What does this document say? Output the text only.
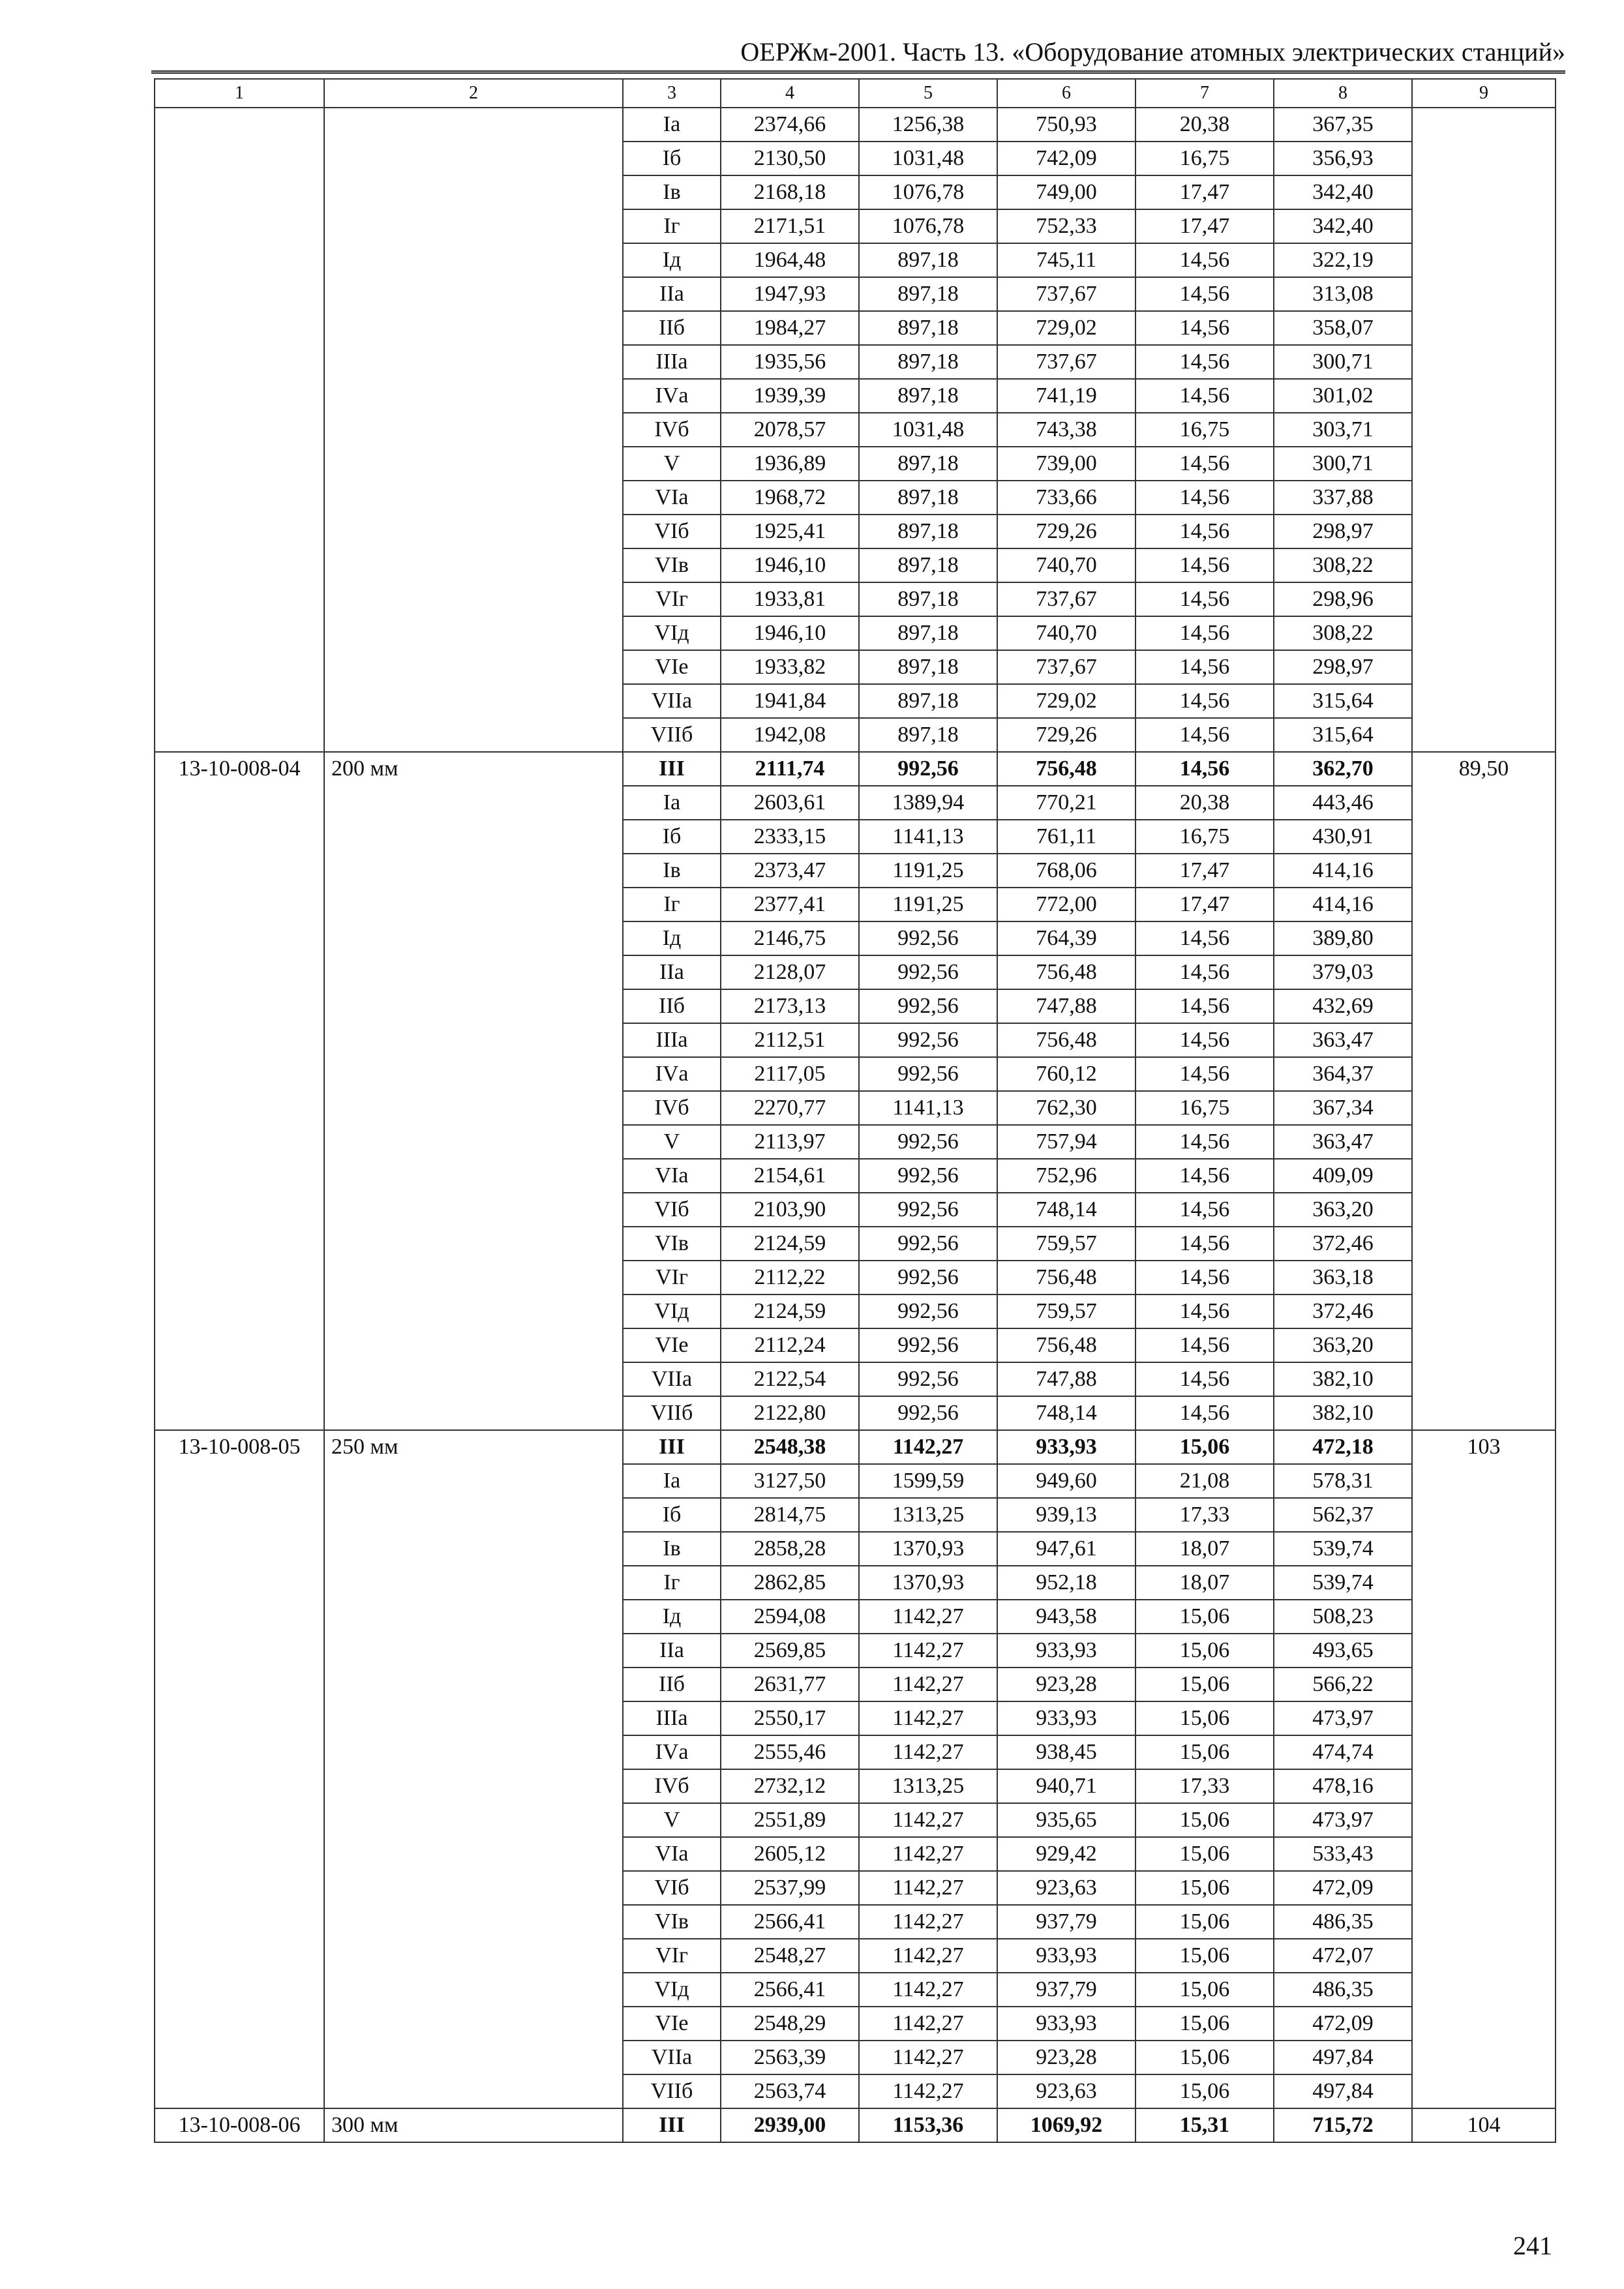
ОЕРЖм-2001. Часть 13. «Оборудование атомных электрических станций»
1	2	3	4	5	6	7	8	9
		Iа	2374,66	1256,38	750,93	20,38	367,35	
		Iб	2130,50	1031,48	742,09	16,75	356,93	
		Iв	2168,18	1076,78	749,00	17,47	342,40	
		Iг	2171,51	1076,78	752,33	17,47	342,40	
		Iд	1964,48	897,18	745,11	14,56	322,19	
		IIа	1947,93	897,18	737,67	14,56	313,08	
		IIб	1984,27	897,18	729,02	14,56	358,07	
		IIIа	1935,56	897,18	737,67	14,56	300,71	
		IVа	1939,39	897,18	741,19	14,56	301,02	
		IVб	2078,57	1031,48	743,38	16,75	303,71	
		V	1936,89	897,18	739,00	14,56	300,71	
		VIа	1968,72	897,18	733,66	14,56	337,88	
		VIб	1925,41	897,18	729,26	14,56	298,97	
		VIв	1946,10	897,18	740,70	14,56	308,22	
		VIг	1933,81	897,18	737,67	14,56	298,96	
		VIд	1946,10	897,18	740,70	14,56	308,22	
		VIе	1933,82	897,18	737,67	14,56	298,97	
		VIIа	1941,84	897,18	729,02	14,56	315,64	
		VIIб	1942,08	897,18	729,26	14,56	315,64	
13-10-008-04	200 мм	III	2111,74	992,56	756,48	14,56	362,70	89,50
		Iа	2603,61	1389,94	770,21	20,38	443,46	
		Iб	2333,15	1141,13	761,11	16,75	430,91	
		Iв	2373,47	1191,25	768,06	17,47	414,16	
		Iг	2377,41	1191,25	772,00	17,47	414,16	
		Iд	2146,75	992,56	764,39	14,56	389,80	
		IIа	2128,07	992,56	756,48	14,56	379,03	
		IIб	2173,13	992,56	747,88	14,56	432,69	
		IIIа	2112,51	992,56	756,48	14,56	363,47	
		IVа	2117,05	992,56	760,12	14,56	364,37	
		IVб	2270,77	1141,13	762,30	16,75	367,34	
		V	2113,97	992,56	757,94	14,56	363,47	
		VIа	2154,61	992,56	752,96	14,56	409,09	
		VIб	2103,90	992,56	748,14	14,56	363,20	
		VIв	2124,59	992,56	759,57	14,56	372,46	
		VIг	2112,22	992,56	756,48	14,56	363,18	
		VIд	2124,59	992,56	759,57	14,56	372,46	
		VIе	2112,24	992,56	756,48	14,56	363,20	
		VIIа	2122,54	992,56	747,88	14,56	382,10	
		VIIб	2122,80	992,56	748,14	14,56	382,10	
13-10-008-05	250 мм	III	2548,38	1142,27	933,93	15,06	472,18	103
		Iа	3127,50	1599,59	949,60	21,08	578,31	
		Iб	2814,75	1313,25	939,13	17,33	562,37	
		Iв	2858,28	1370,93	947,61	18,07	539,74	
		Iг	2862,85	1370,93	952,18	18,07	539,74	
		Iд	2594,08	1142,27	943,58	15,06	508,23	
		IIа	2569,85	1142,27	933,93	15,06	493,65	
		IIб	2631,77	1142,27	923,28	15,06	566,22	
		IIIа	2550,17	1142,27	933,93	15,06	473,97	
		IVа	2555,46	1142,27	938,45	15,06	474,74	
		IVб	2732,12	1313,25	940,71	17,33	478,16	
		V	2551,89	1142,27	935,65	15,06	473,97	
		VIа	2605,12	1142,27	929,42	15,06	533,43	
		VIб	2537,99	1142,27	923,63	15,06	472,09	
		VIв	2566,41	1142,27	937,79	15,06	486,35	
		VIг	2548,27	1142,27	933,93	15,06	472,07	
		VIд	2566,41	1142,27	937,79	15,06	486,35	
		VIе	2548,29	1142,27	933,93	15,06	472,09	
		VIIа	2563,39	1142,27	923,28	15,06	497,84	
		VIIб	2563,74	1142,27	923,63	15,06	497,84	
13-10-008-06	300 мм	III	2939,00	1153,36	1069,92	15,31	715,72	104
241
